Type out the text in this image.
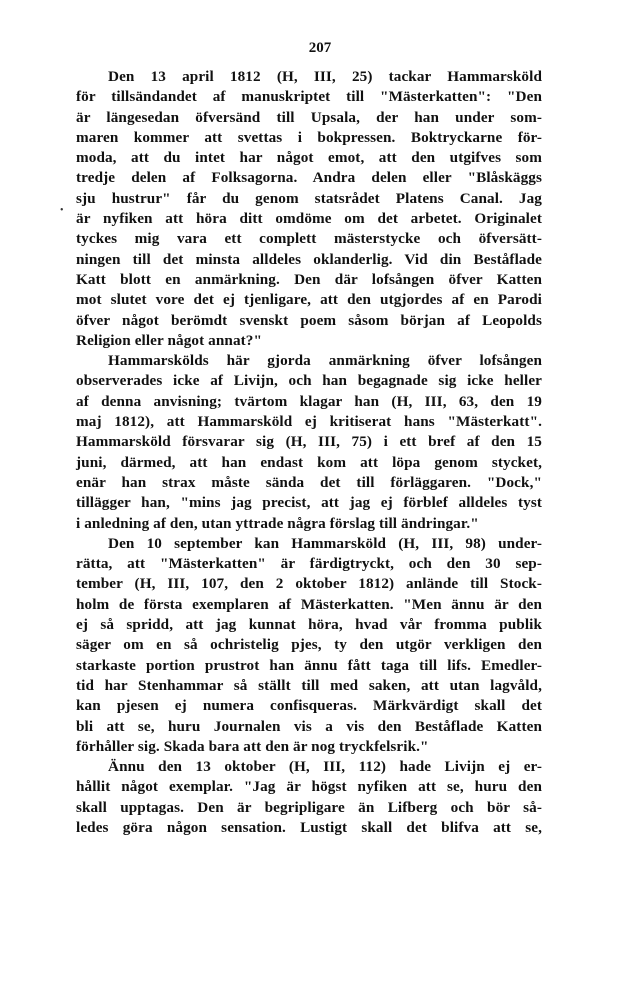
207
•
Den 13 april 1812 (H, III, 25) tackar Hammarsköld
för tillsändandet af manuskriptet till "Mästerkatten": "Den
är längesedan öfversänd till Upsala, der han under som-
maren kommer att svettas i bokpressen. Boktryckarne för-
moda, att du intet har något emot, att den utgifves som
tredje delen af Folksagorna. Andra delen eller "Blåskäggs
sju hustrur" får du genom statsrådet Platens Canal. Jag
är nyfiken att höra ditt omdöme om det arbetet. Originalet
tyckes mig vara ett complett mästerstycke och öfversätt-
ningen till det minsta alldeles oklanderlig. Vid din Beståflade
Katt blott en anmärkning. Den där lofsången öfver Katten
mot slutet vore det ej tjenligare, att den utgjordes af en Parodi
öfver något berömdt svenskt poem såsom början af Leopolds
Religion eller något annat?"
Hammarskölds här gjorda anmärkning öfver lofsången
observerades icke af Livijn, och han begagnade sig icke heller
af denna anvisning; tvärtom klagar han (H, III, 63, den 19
maj 1812), att Hammarsköld ej kritiserat hans "Mästerkatt".
Hammarsköld försvarar sig (H, III, 75) i ett bref af den 15
juni, därmed, att han endast kom att löpa genom stycket,
enär han strax måste sända det till förläggaren. "Dock,"
tillägger han, "mins jag precist, att jag ej förblef alldeles tyst
i anledning af den, utan yttrade några förslag till ändringar."
Den 10 september kan Hammarsköld (H, III, 98) under-
rätta, att "Mästerkatten" är färdigtryckt, och den 30 sep-
tember (H, III, 107, den 2 oktober 1812) anlände till Stock-
holm de första exemplaren af Mästerkatten. "Men ännu är den
ej så spridd, att jag kunnat höra, hvad vår fromma publik
säger om en så ochristelig pjes, ty den utgör verkligen den
starkaste portion prustrot han ännu fått taga till lifs. Emedler-
tid har Stenhammar så ställt till med saken, att utan lagvåld,
kan pjesen ej numera confisqueras. Märkvärdigt skall det
bli att se, huru Journalen vis a vis den Beståflade Katten
förhåller sig. Skada bara att den är nog tryckfelsrik."
Ännu den 13 oktober (H, III, 112) hade Livijn ej er-
hållit något exemplar. "Jag är högst nyfiken att se, huru den
skall upptagas. Den är begripligare än Lifberg och bör så-
ledes göra någon sensation. Lustigt skall det blifva att se,
